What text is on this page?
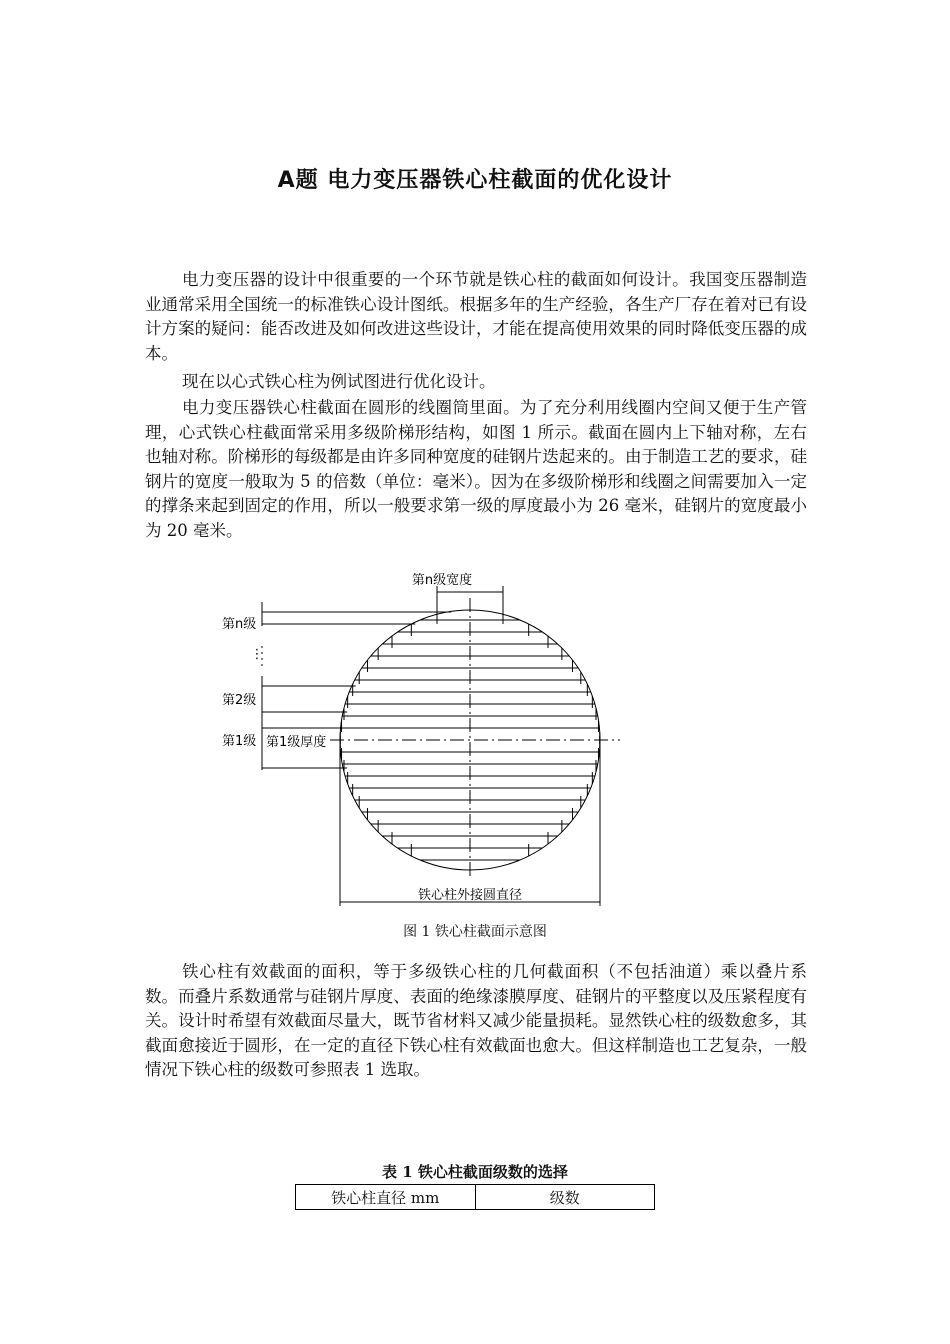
A题 电力变压器铁心柱截面的优化设计

电力变压器的设计中很重要的一个环节就是铁心柱的截面如何设计。我国变压器制造业通常采用全国统一的标准铁心设计图纸。根据多年的生产经验，各生产厂存在着对已有设计方案的疑问：能否改进及如何改进这些设计，才能在提高使用效果的同时降低变压器的成本。

现在以心式铁心柱为例试图进行优化设计。

电力变压器铁心柱截面在圆形的线圈筒里面。为了充分利用线圈内空间又便于生产管理，心式铁心柱截面常采用多级阶梯形结构，如图 1 所示。截面在圆内上下轴对称，左右也轴对称。阶梯形的每级都是由许多同种宽度的硅钢片迭起来的。由于制造工艺的要求，硅钢片的宽度一般取为 5 的倍数（单位：毫米）。因为在多级阶梯形和线圈之间需要加入一定的撑条来起到固定的作用，所以一般要求第一级的厚度最小为 26 毫米，硅钢片的宽度最小为 20 毫米。

第n级宽度
第n级
⋮
第2级
第1级 第1级厚度
铁心柱外接圆直径
图 1 铁心柱截面示意图

铁心柱有效截面的面积，等于多级铁心柱的几何截面积（不包括油道）乘以叠片系数。而叠片系数通常与硅钢片厚度、表面的绝缘漆膜厚度、硅钢片的平整度以及压紧程度有关。设计时希望有效截面尽量大，既节省材料又减少能量损耗。显然铁心柱的级数愈多，其截面愈接近于圆形，在一定的直径下铁心柱有效截面也愈大。但这样制造也工艺复杂，一般情况下铁心柱的级数可参照表 1 选取。

表 1 铁心柱截面级数的选择
铁心柱直径 mm	级数
